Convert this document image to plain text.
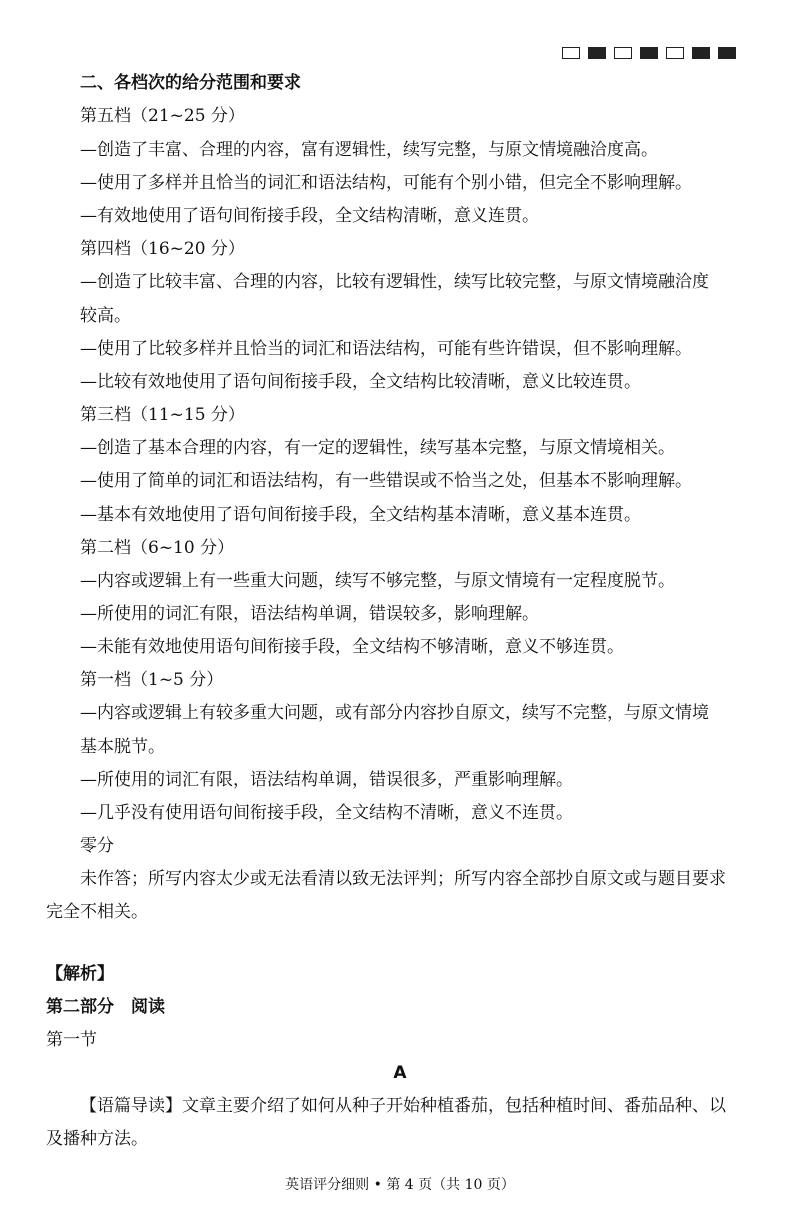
二、各档次的给分范围和要求
第五档（21~25 分）
—创造了丰富、合理的内容，富有逻辑性，续写完整，与原文情境融洽度高。
—使用了多样并且恰当的词汇和语法结构，可能有个别小错，但完全不影响理解。
—有效地使用了语句间衔接手段，全文结构清晰，意义连贯。
第四档（16~20 分）
—创造了比较丰富、合理的内容，比较有逻辑性，续写比较完整，与原文情境融洽度
较高。
—使用了比较多样并且恰当的词汇和语法结构，可能有些许错误，但不影响理解。
—比较有效地使用了语句间衔接手段，全文结构比较清晰，意义比较连贯。
第三档（11~15 分）
—创造了基本合理的内容，有一定的逻辑性，续写基本完整，与原文情境相关。
—使用了简单的词汇和语法结构，有一些错误或不恰当之处，但基本不影响理解。
—基本有效地使用了语句间衔接手段，全文结构基本清晰，意义基本连贯。
第二档（6~10 分）
—内容或逻辑上有一些重大问题，续写不够完整，与原文情境有一定程度脱节。
—所使用的词汇有限，语法结构单调，错误较多，影响理解。
—未能有效地使用语句间衔接手段，全文结构不够清晰，意义不够连贯。
第一档（1~5 分）
—内容或逻辑上有较多重大问题，或有部分内容抄自原文，续写不完整，与原文情境
基本脱节。
—所使用的词汇有限，语法结构单调，错误很多，严重影响理解。
—几乎没有使用语句间衔接手段，全文结构不清晰，意义不连贯。
零分
未作答；所写内容太少或无法看清以致无法评判；所写内容全部抄自原文或与题目要求
完全不相关。
【解析】
第二部分　阅读
第一节
A
【语篇导读】文章主要介绍了如何从种子开始种植番茄，包括种植时间、番茄品种、以
及播种方法。
英语评分细则 • 第 4 页（共 10 页）
